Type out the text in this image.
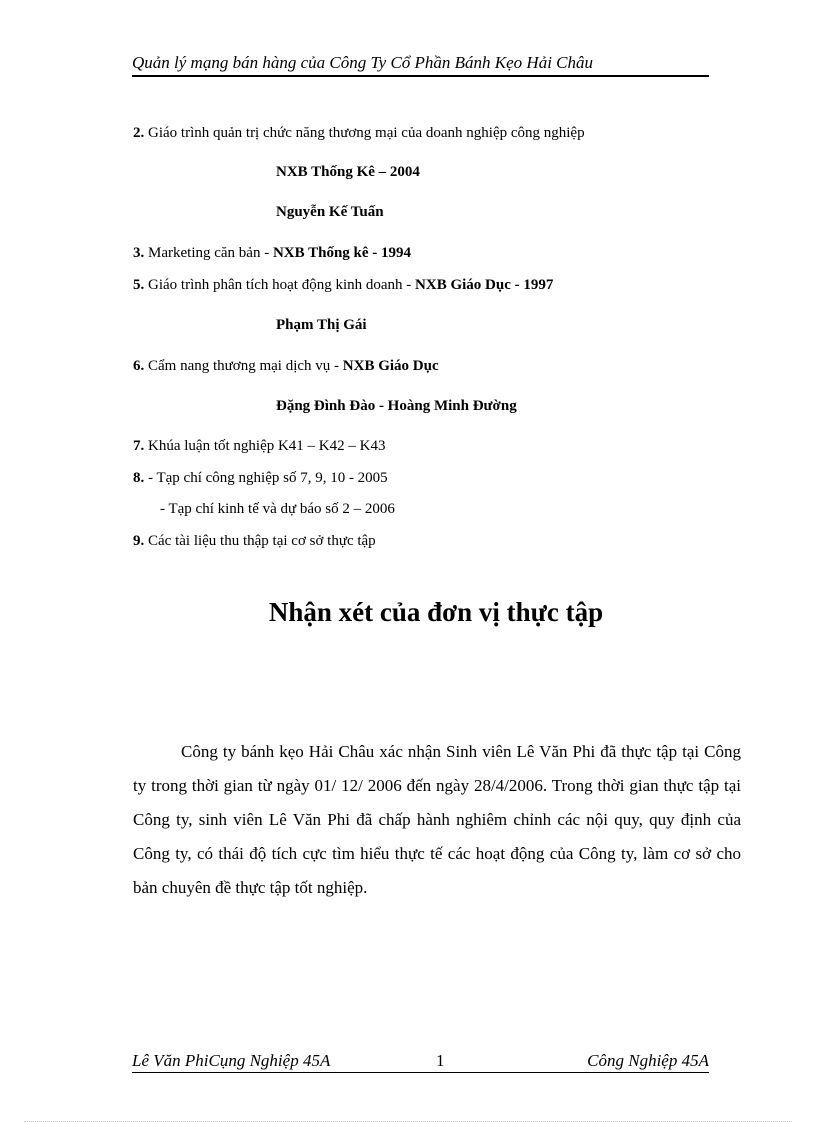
Quản lý mạng bán hàng của Công Ty Cổ Phần Bánh Kẹo Hải Châu
2. Giáo trình quản trị chức năng thương mại của doanh nghiệp công nghiệp
NXB Thống Kê – 2004
Nguyễn Kế Tuấn
3. Marketing căn bản - NXB Thống kê - 1994
5. Giáo trình phân tích hoạt động kinh doanh - NXB Giáo Dục - 1997
Phạm Thị Gái
6. Cẩm nang thương mại dịch vụ - NXB Giáo Dục
Đặng Đình Đào - Hoàng Minh Đường
7. Khúa luận tốt nghiệp K41 – K42 – K43
8. - Tạp chí công nghiệp số 7, 9, 10 - 2005
- Tạp chí kinh tế và dự báo số 2 – 2006
9. Các tài liệu thu thập tại cơ sở thực tập
Nhận xét của đơn vị thực tập
Công ty bánh kẹo Hải Châu xác nhận Sinh viên Lê Văn Phi đã thực tập tại Công ty trong thời gian từ ngày 01/ 12/ 2006 đến ngày 28/4/2006. Trong thời gian thực tập tại Công ty, sinh viên Lê Văn Phi đã chấp hành nghiêm chỉnh các nội quy, quy định của Công ty, có thái độ tích cực tìm hiểu thực tế các hoạt động của Công ty, làm cơ sở cho bản chuyên đề thực tập tốt nghiệp.
Lê Văn PhiCụng Nghiệp 45A	1	Công Nghiệp 45A
